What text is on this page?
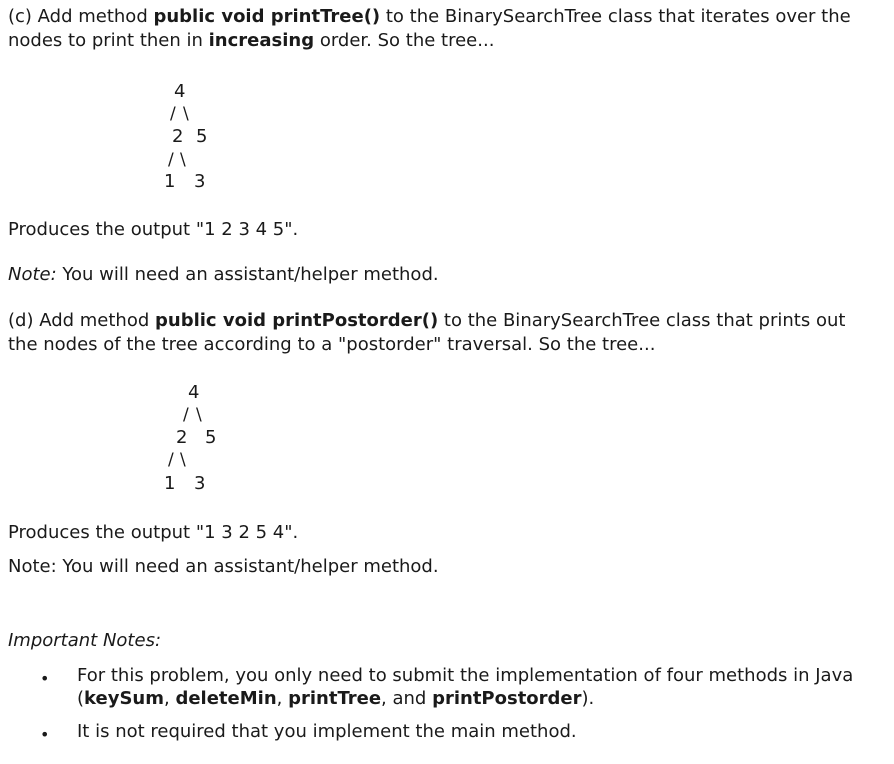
(c) Add method public void printTree() to the BinarySearchTree class that iterates over the
nodes to print then in increasing order. So the tree...
4
/ \
2 5
/ \
1 3
Produces the output "1 2 3 4 5".
Note: You will need an assistant/helper method.
(d) Add method public void printPostorder() to the BinarySearchTree class that prints out
the nodes of the tree according to a "postorder" traversal. So the tree...
4
/ \
2 5
/ \
1 3
Produces the output "1 3 2 5 4".
Note: You will need an assistant/helper method.
Important Notes:
• For this problem, you only need to submit the implementation of four methods in Java
(keySum, deleteMin, printTree, and printPostorder).
• It is not required that you implement the main method.
